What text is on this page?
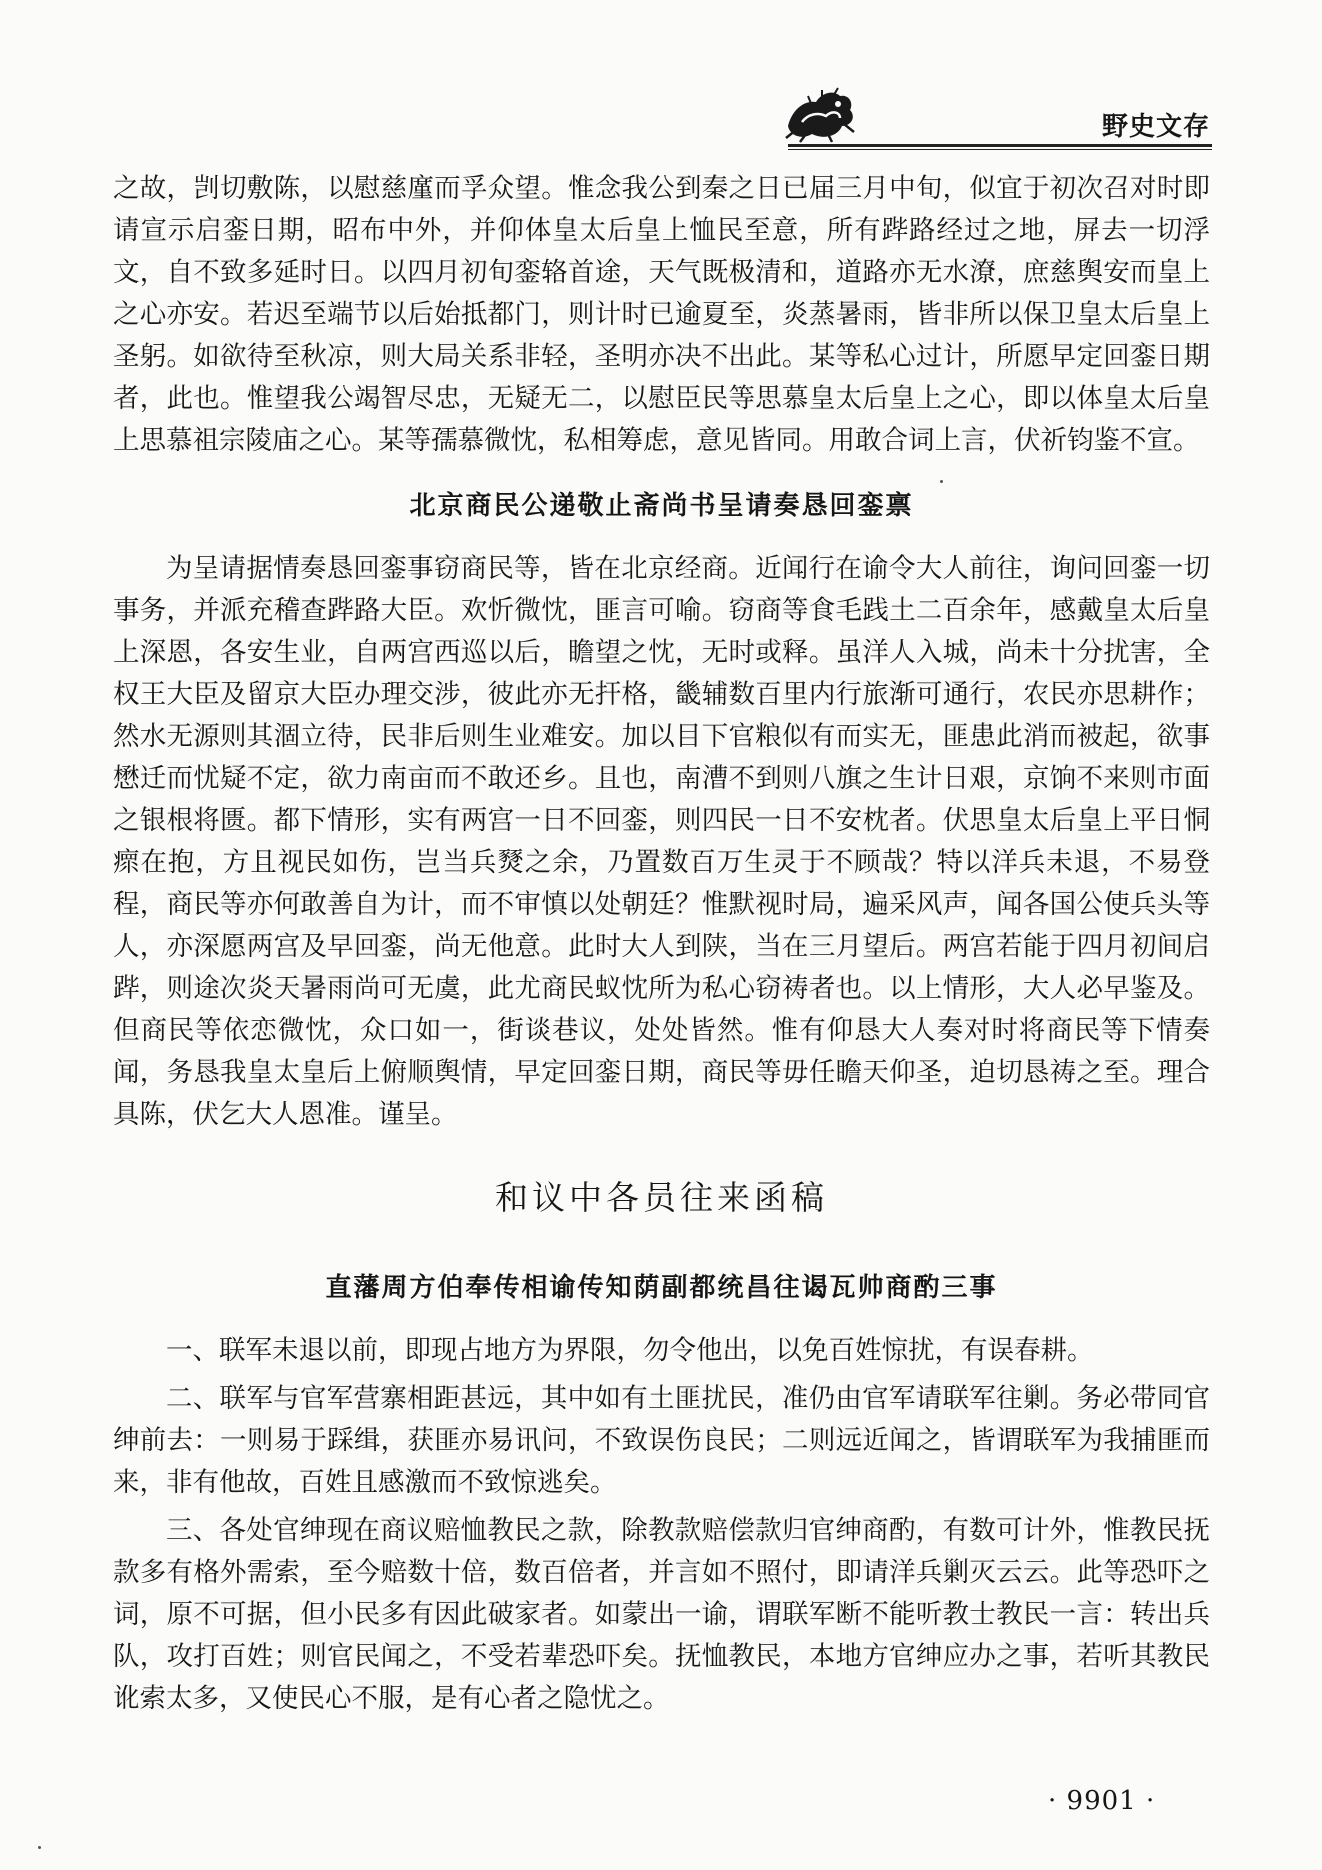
野史文存

之故，剀切敷陈，以慰慈廑而孚众望。惟念我公到秦之日已届三月中旬，似宜于初次召对时即请宣示启銮日期，昭布中外，并仰体皇太后皇上恤民至意，所有跸路经过之地，屏去一切浮文，自不致多延时日。以四月初旬銮辂首途，天气既极清和，道路亦无水潦，庶慈舆安而皇上之心亦安。若迟至端节以后始抵都门，则计时已逾夏至，炎蒸暑雨，皆非所以保卫皇太后皇上圣躬。如欲待至秋凉，则大局关系非轻，圣明亦决不出此。某等私心过计，所愿早定回銮日期者，此也。惟望我公竭智尽忠，无疑无二，以慰臣民等思慕皇太后皇上之心，即以体皇太后皇上思慕祖宗陵庙之心。某等孺慕微忱，私相筹虑，意见皆同。用敢合词上言，伏祈钧鉴不宣。

北京商民公递敬止斋尚书呈请奏恳回銮禀

为呈请据情奏恳回銮事窃商民等，皆在北京经商。近闻行在谕令大人前往，询问回銮一切事务，并派充稽查跸路大臣。欢忻微忱，匪言可喻。窃商等食毛践土二百余年，感戴皇太后皇上深恩，各安生业，自两宫西巡以后，瞻望之忱，无时或释。虽洋人入城，尚未十分扰害，全权王大臣及留京大臣办理交涉，彼此亦无扞格，畿辅数百里内行旅渐可通行，农民亦思耕作；然水无源则其涸立待，民非后则生业难安。加以目下官粮似有而实无，匪患此消而被起，欲事懋迁而忧疑不定，欲力南亩而不敢还乡。且也，南漕不到则八旗之生计日艰，京饷不来则市面之银根将匮。都下情形，实有两宫一日不回銮，则四民一日不安枕者。伏思皇太后皇上平日恫瘝在抱，方且视民如伤，岂当兵燹之余，乃置数百万生灵于不顾哉？特以洋兵未退，不易登程，商民等亦何敢善自为计，而不审慎以处朝廷？惟默视时局，遍采风声，闻各国公使兵头等人，亦深愿两宫及早回銮，尚无他意。此时大人到陕，当在三月望后。两宫若能于四月初间启跸，则途次炎天暑雨尚可无虞，此尤商民蚁忱所为私心窃祷者也。以上情形，大人必早鉴及。但商民等依恋微忱，众口如一，街谈巷议，处处皆然。惟有仰恳大人奏对时将商民等下情奏闻，务恳我皇太皇后上俯顺舆情，早定回銮日期，商民等毋任瞻天仰圣，迫切恳祷之至。理合具陈，伏乞大人恩准。谨呈。

和议中各员往来函稿
直藩周方伯奉传相谕传知荫副都统昌往谒瓦帅商酌三事

一、联军未退以前，即现占地方为界限，勿令他出，以免百姓惊扰，有误春耕。

二、联军与官军营寨相距甚远，其中如有土匪扰民，准仍由官军请联军往剿。务必带同官绅前去：一则易于踩缉，获匪亦易讯问，不致误伤良民；二则远近闻之，皆谓联军为我捕匪而来，非有他故，百姓且感激而不致惊逃矣。

三、各处官绅现在商议赔恤教民之款，除教款赔偿款归官绅商酌，有数可计外，惟教民抚款多有格外需索，至今赔数十倍，数百倍者，并言如不照付，即请洋兵剿灭云云。此等恐吓之词，原不可据，但小民多有因此破家者。如蒙出一谕，谓联军断不能听教士教民一言：转出兵队，攻打百姓；则官民闻之，不受若辈恐吓矣。抚恤教民，本地方官绅应办之事，若听其教民讹索太多，又使民心不服，是有心者之隐忧之。

· 9901 ·
